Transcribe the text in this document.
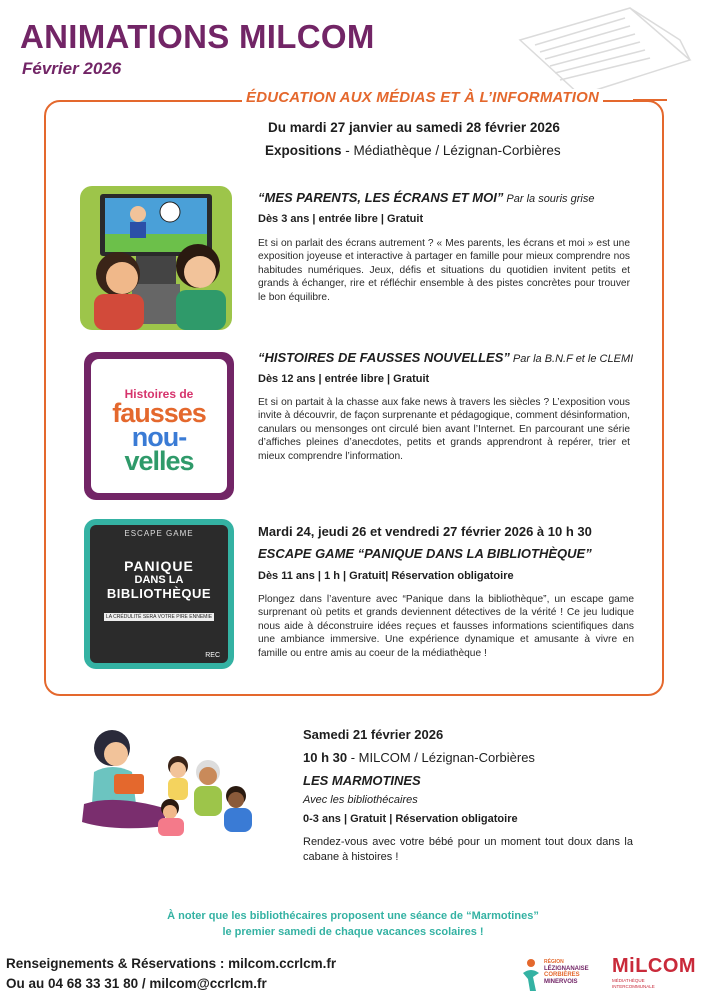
ANIMATIONS MILCOM
Février 2026
ÉDUCATION AUX MÉDIAS ET À L’INFORMATION
Du mardi 27 janvier au samedi 28 février 2026
Expositions - Médiathèque / Lézignan-Corbières
“MES PARENTS, LES ÉCRANS ET MOI” Par la souris grise
Dès 3 ans | entrée libre | Gratuit
Et si on parlait des écrans autrement ? « Mes parents, les écrans et moi » est une exposition joyeuse et interactive à partager en famille pour mieux comprendre nos habitudes numériques. Jeux, défis et situations du quotidien invitent petits et grands à échanger, rire et réfléchir ensemble à des pistes concrètes pour trouver le bon équilibre.
Histoires de
fausses
nou-
velles
“HISTOIRES DE FAUSSES NOUVELLES” Par la B.N.F et le CLEMI
Dès 12 ans | entrée libre | Gratuit
Et si on partait à la chasse aux fake news à travers les siècles ? L’exposition vous invite à découvrir, de façon surprenante et pédagogique, comment désinformation, canulars ou mensonges ont circulé bien avant l’Internet. En parcourant une série d’affiches pleines d’anecdotes, petits et grands apprendront à repérer, trier et mieux comprendre l’information.
ESCAPE GAME
PANIQUE
DANS LA
BIBLIOTHÈQUE
LA CRÉDULITÉ SERA VOTRE PIRE ENNEMIE
REC
Mardi 24, jeudi 26 et vendredi 27 février 2026 à 10 h 30
ESCAPE GAME “PANIQUE DANS LA BIBLIOTHÈQUE”
Dès 11 ans | 1 h | Gratuit| Réservation obligatoire
Plongez dans l’aventure avec “Panique dans la bibliothèque”, un escape game surprenant où petits et grands deviennent détectives de la vérité ! Ce jeu ludique nous aide à déconstruire idées reçues et fausses informations scientifiques dans une ambiance immersive. Une expérience dynamique et amusante à vivre en famille ou entre amis au coeur de la médiathèque !
Samedi 21 février 2026
10 h 30 - MILCOM / Lézignan-Corbières
LES MARMOTINES
Avec les bibliothécaires
0-3 ans | Gratuit | Réservation obligatoire
Rendez-vous avec votre bébé pour un moment tout doux dans la cabane à histoires !
À noter que les bibliothécaires proposent une séance de “Marmotines”
le premier samedi de chaque vacances scolaires !
Renseignements & Réservations : milcom.ccrlcm.fr
Ou au 04 68 33 31 80 / milcom@ccrlcm.fr
RÉGION
LÉZIGNANAISE
CORBIÈRES
MINERVOIS
MiLCOM
MÉDIATHÈQUE INTERCOMMUNALE
